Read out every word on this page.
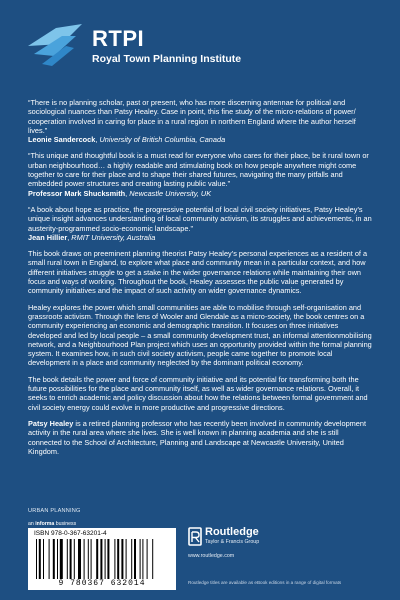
RTPI
Royal Town Planning Institute
“There is no planning scholar, past or present, who has more discerning antennae for political and sociological nuances than Patsy Healey. Case in point, this fine study of the micro-relations of power/ cooperation involved in caring for place in a rural region in northern England where the author herself lives.”
Leonie Sandercock, University of British Columbia, Canada
“This unique and thoughtful book is a must read for everyone who cares for their place, be it rural town or urban neighbourhood… a highly readable and stimulating book on how people anywhere might come together to care for their place and to shape their shared futures, navigating the many pitfalls and embedded power structures and creating lasting public value.”
Professor Mark Shucksmith, Newcastle University, UK
“A book about hope as practice, the progressive potential of local civil society initiatives, Patsy Healey’s unique insight advances understanding of local community activism, its struggles and achievements, in an austerity-programmed socio-economic landscape.”
Jean Hillier, RMIT University, Australia

This book draws on preeminent planning theorist Patsy Healey’s personal experiences as a resident of a small rural town in England, to explore what place and community mean in a particular context, and how different initiatives struggle to get a stake in the wider governance relations while maintaining their own focus and ways of working. Throughout the book, Healey assesses the public value generated by community initiatives and the impact of such activity on wider governance dynamics.

Healey explores the power which small communities are able to mobilise through self-organisation and grassroots activism. Through the lens of Wooler and Glendale as a micro-society, the book centres on a community experiencing an economic and demographic transition. It focuses on three initiatives developed and led by local people – a small community development trust, an informal attentionmobilising network, and a Neighbourhood Plan project which uses an opportunity provided within the formal planning system. It examines how, in such civil society activism, people came together to promote local development in a place and community neglected by the dominant political economy.

The book details the power and force of community initiative and its potential for transforming both the future possibilities for the place and community itself, as well as wider governance relations. Overall, it seeks to enrich academic and policy discussion about how the relations between formal government and civil society energy could evolve in more productive and progressive directions.

Patsy Healey is a retired planning professor who has recently been involved in community development activity in the rural area where she lives. She is well known in planning academia and she is still connected to the School of Architecture, Planning and Landscape at Newcastle University, United Kingdom.

URBAN PLANNING
an informa business
ISBN 978-0-367-63201-4
9 780367 632014
Routledge
Taylor & Francis Group
www.routledge.com
Routledge titles are available as eBook editions in a range of digital formats
